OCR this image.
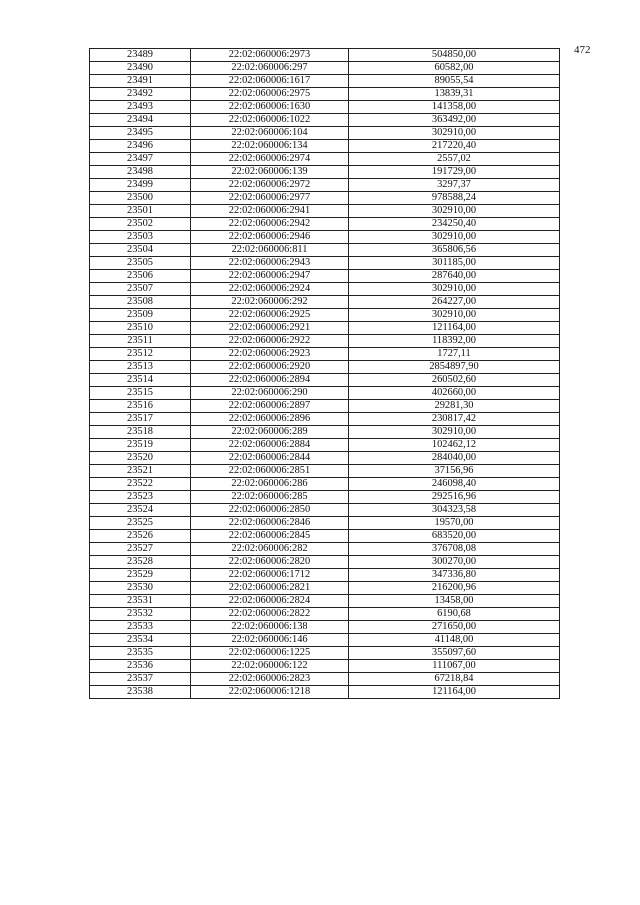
472
23489	22:02:060006:2973	504850,00
23490	22:02:060006:297	60582,00
23491	22:02:060006:1617	89055,54
23492	22:02:060006:2975	13839,31
23493	22:02:060006:1630	141358,00
23494	22:02:060006:1022	363492,00
23495	22:02:060006:104	302910,00
23496	22:02:060006:134	217220,40
23497	22:02:060006:2974	2557,02
23498	22:02:060006:139	191729,00
23499	22:02:060006:2972	3297,37
23500	22:02:060006:2977	978588,24
23501	22:02:060006:2941	302910,00
23502	22:02:060006:2942	234250,40
23503	22:02:060006:2946	302910,00
23504	22:02:060006:811	365806,56
23505	22:02:060006:2943	301185,00
23506	22:02:060006:2947	287640,00
23507	22:02:060006:2924	302910,00
23508	22:02:060006:292	264227,00
23509	22:02:060006:2925	302910,00
23510	22:02:060006:2921	121164,00
23511	22:02:060006:2922	118392,00
23512	22:02:060006:2923	1727,11
23513	22:02:060006:2920	2854897,90
23514	22:02:060006:2894	260502,60
23515	22:02:060006:290	402660,00
23516	22:02:060006:2897	29281,30
23517	22:02:060006:2896	230817,42
23518	22:02:060006:289	302910,00
23519	22:02:060006:2884	102462,12
23520	22:02:060006:2844	284040,00
23521	22:02:060006:2851	37156,96
23522	22:02:060006:286	246098,40
23523	22:02:060006:285	292516,96
23524	22:02:060006:2850	304323,58
23525	22:02:060006:2846	19570,00
23526	22:02:060006:2845	683520,00
23527	22:02:060006:282	376708,08
23528	22:02:060006:2820	300270,00
23529	22:02:060006:1712	347336,80
23530	22:02:060006:2821	216200,96
23531	22:02:060006:2824	13458,00
23532	22:02:060006:2822	6190,68
23533	22:02:060006:138	271650,00
23534	22:02:060006:146	41148,00
23535	22:02:060006:1225	355097,60
23536	22:02:060006:122	111067,00
23537	22:02:060006:2823	67218,84
23538	22:02:060006:1218	121164,00
